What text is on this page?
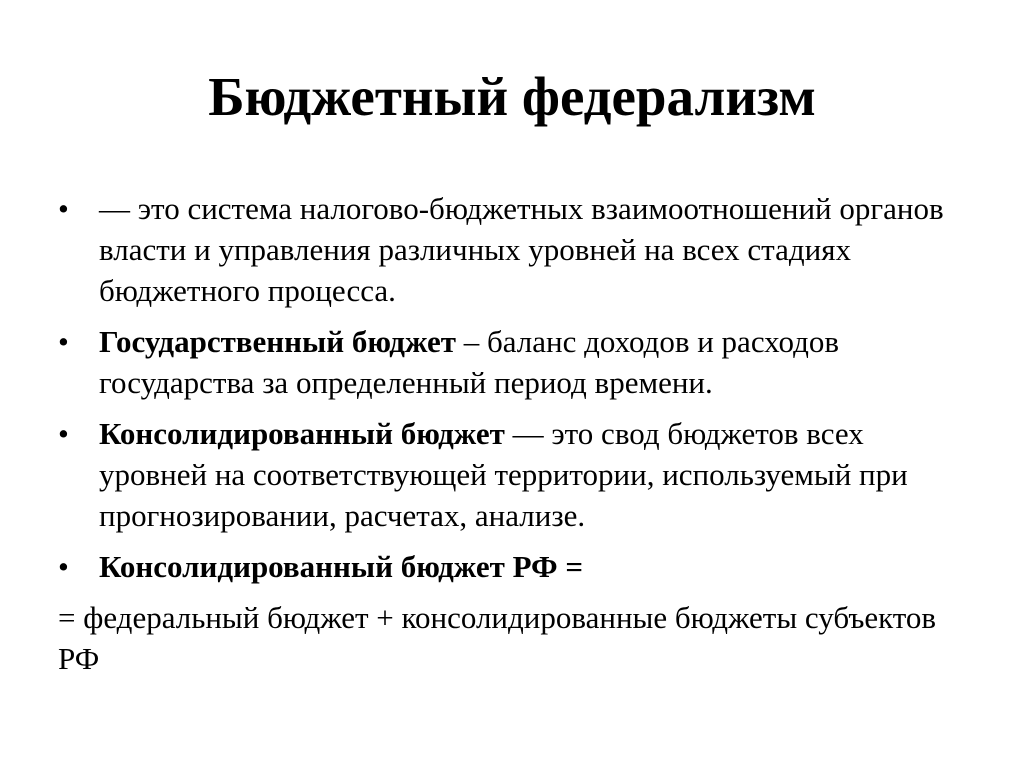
Бюджетный федерализм
• — это система налогово-бюджетных взаимоотношений органов власти и управления различных уровней на всех стадиях бюджетного процесса.
• Государственный бюджет – баланс доходов и расходов государства за определенный период времени.
• Консолидированный бюджет — это свод бюджетов всех уровней на соответствующей территории, используемый при прогнозировании, расчетах, анализе.
• Консолидированный бюджет РФ =
= федеральный бюджет + консолидированные бюджеты субъектов РФ
